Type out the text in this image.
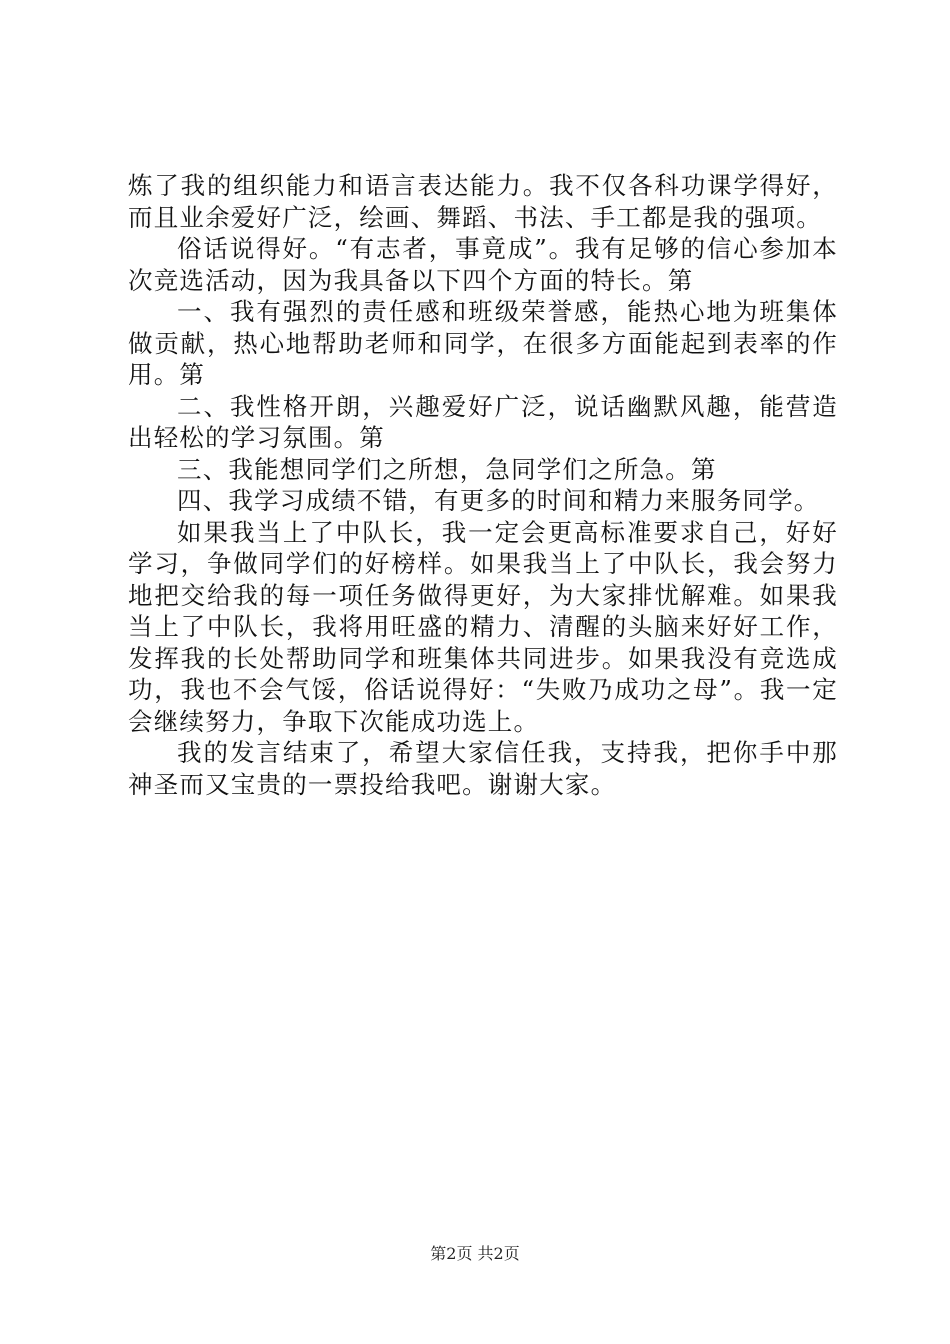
炼了我的组织能力和语言表达能力。我不仅各科功课学得好，而且业余爱好广泛，绘画、舞蹈、书法、手工都是我的强项。

俗话说得好。“有志者，事竟成”。我有足够的信心参加本次竞选活动，因为我具备以下四个方面的特长。第

一、我有强烈的责任感和班级荣誉感，能热心地为班集体做贡献，热心地帮助老师和同学，在很多方面能起到表率的作用。第

二、我性格开朗，兴趣爱好广泛，说话幽默风趣，能营造出轻松的学习氛围。第

三、我能想同学们之所想，急同学们之所急。第

四、我学习成绩不错，有更多的时间和精力来服务同学。

如果我当上了中队长，我一定会更高标准要求自己，好好学习，争做同学们的好榜样。如果我当上了中队长，我会努力地把交给我的每一项任务做得更好，为大家排忧解难。如果我当上了中队长，我将用旺盛的精力、清醒的头脑来好好工作，发挥我的长处帮助同学和班集体共同进步。如果我没有竞选成功，我也不会气馁，俗话说得好：“失败乃成功之母”。我一定会继续努力，争取下次能成功选上。

我的发言结束了，希望大家信任我，支持我，把你手中那神圣而又宝贵的一票投给我吧。谢谢大家。

第2页 共2页
